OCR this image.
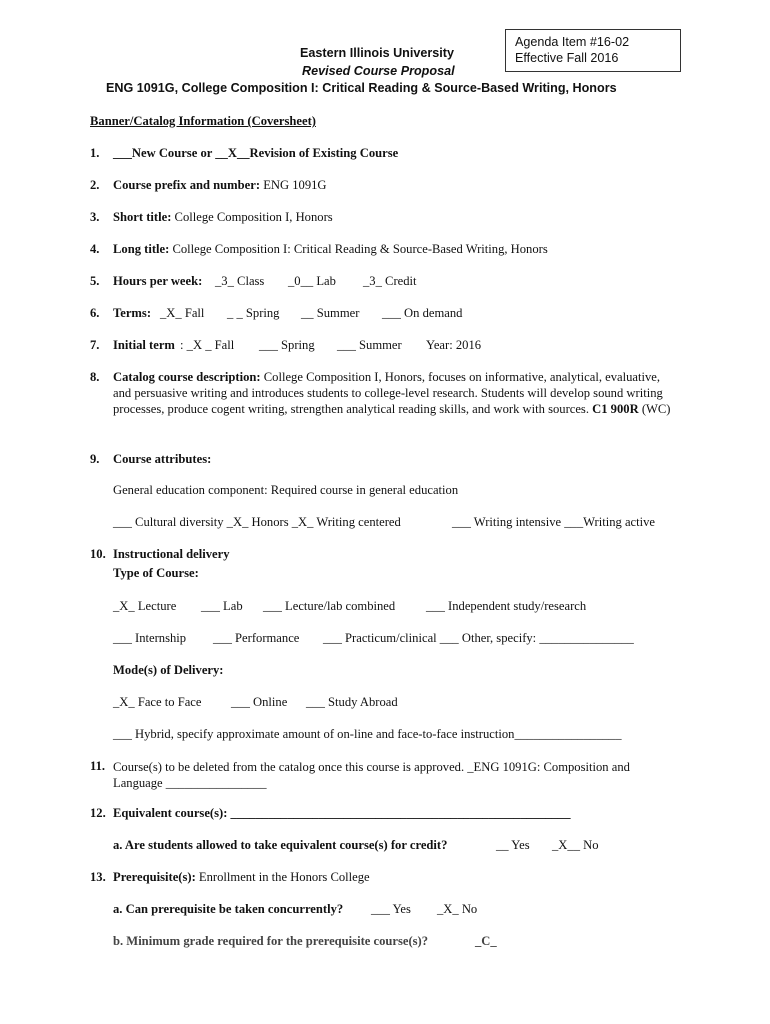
Agenda Item #16-02
Effective Fall 2016
Eastern Illinois University
Revised Course Proposal
ENG 1091G, College Composition I: Critical Reading & Source-Based Writing, Honors
Banner/Catalog Information (Coversheet)
1. ___New Course or __X__Revision of Existing Course
2. Course prefix and number: ENG 1091G
3. Short title: College Composition I, Honors
4. Long title: College Composition I: Critical Reading & Source-Based Writing, Honors
5. Hours per week: _3_ Class _0__ Lab _3_ Credit
6. Terms: _X_ Fall _ _ Spring __ Summer ___ On demand
7. Initial term : _X _ Fall ___ Spring ___ Summer Year: 2016
8. Catalog course description: College Composition I, Honors, focuses on informative, analytical, evaluative, and persuasive writing and introduces students to college-level research. Students will develop sound writing processes, produce cogent writing, strengthen analytical reading skills, and work with sources. C1 900R (WC)
9. Course attributes:
General education component: Required course in general education
___ Cultural diversity _X_ Honors _X_ Writing centered	___ Writing intensive ___Writing active
10. Instructional delivery
Type of Course:
_X_ Lecture ___ Lab ___ Lecture/lab combined ___ Independent study/research
___ Internship ___ Performance ___ Practicum/clinical ___ Other, specify: _______________
Mode(s) of Delivery:
_X_ Face to Face ___ Online ___ Study Abroad
___ Hybrid, specify approximate amount of on-line and face-to-face instruction_________________
11. Course(s) to be deleted from the catalog once this course is approved. _ENG 1091G: Composition and Language ________________
12. Equivalent course(s): ______________________________________________________
a. Are students allowed to take equivalent course(s) for credit?	__ Yes _X__ No
13. Prerequisite(s): Enrollment in the Honors College
a. Can prerequisite be taken concurrently? ___ Yes _X_ No
b. Minimum grade required for the prerequisite course(s)?	_C_
